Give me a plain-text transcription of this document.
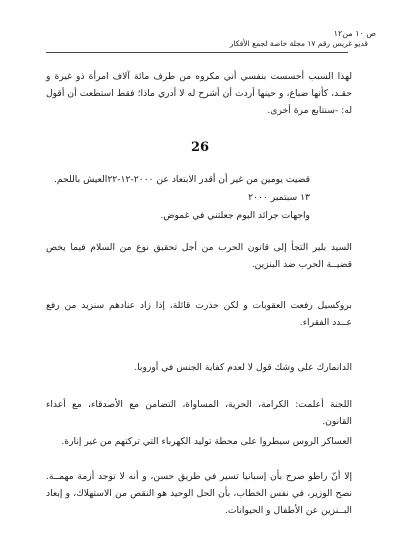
ص ١٠ من١٢
قديو غريس رقم ١٧ مجلة خاصة لجمع الأفكار

لهذا السبب أحسست بنفسي أني مكروه من طرف مائة آلاف امرأة ذو غيرة و حقـد، كأنها ضباع، و حينها أردت أن أشرح له لا أدري ماذا؛ فقط استطعت أن أقول له: -سنتابع مرة أخرى.

26
قضيت يومين من غير أن أقدر الابتعاد عن ٢٠٠٠-١٢-٢٢العيش باللحم.
١٣ سبتمبر ٢٠٠٠
واجهات جرائد اليوم جعلتني في غموض.

السيد بلير التجأ إلى قانون الحرب من أجل تحقيق نوع من السلام فيما يخص قضيــة الحرب ضد البنزين.

بروكسيل رفعت العقوبات و لكن حذرت قائلة، إذا زاد عنادهم سنزيد من رفع عــدد الفقراء.

الدانمارك على وشك قول لا لعدم كفاية الجنس في أوروبا.

اللجنة أعلمت: الكرامة، الحرية، المساواة، التضامن مع الأصدقاء، مع أعداء القانون.

العساكر الروس سيطروا على محطة توليد الكهرباء التي تركتهم من غير إنارة.

إلا أنّ راطو صرح بأن إسبانيا تسير في طريق حسن، و أنه لا توجد أزمة مهمــة. نصح الوزير، في نفس الخطاب، بأن الحل الوحيد هو النقص من الاستهلاك، و إبعاد البــنزين عن الأطفال و الحيوانات.
